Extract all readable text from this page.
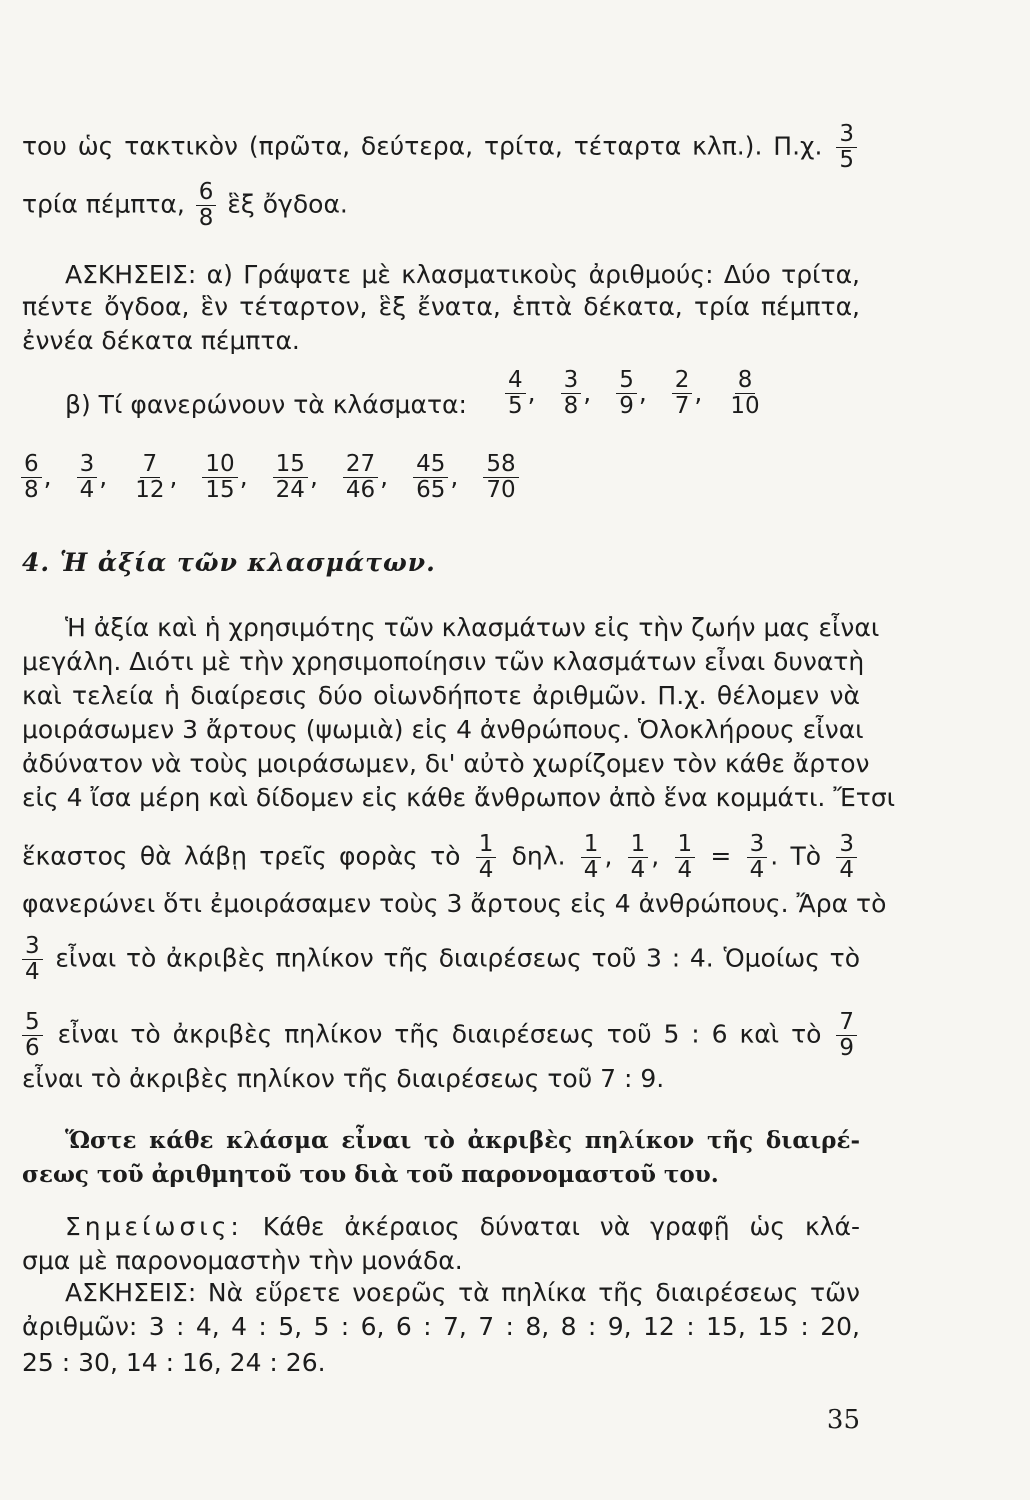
του ὡς τακτικὸν (πρῶτα, δεύτερα, τρίτα, τέταρτα κλπ.). Π.χ. $\frac{3}{5}$
τρία πέμπτα, $\frac{6}{8}$ ἓξ ὄγδοα.
ΑΣΚΗΣΕΙΣ: α) Γράψατε μὲ κλασματικοὺς ἀριθμούς: Δύο τρίτα,
πέντε ὄγδοα, ἓν τέταρτον, ἓξ ἔνατα, ἑπτὰ δέκατα, τρία πέμπτα,
ἐννέα δέκατα πέμπτα.
β) Τί φανερώνουν τὰ κλάσματα:	$\frac{4}{5}$ , $\frac{3}{8}$ , $\frac{5}{9}$ , $\frac{2}{7}$ , $\frac{8}{10}$
$\frac{6}{8}$ , $\frac{3}{4}$ , $\frac{7}{12}$ , $\frac{10}{15}$ , $\frac{15}{24}$ , $\frac{27}{46}$ , $\frac{45}{65}$ , $\frac{58}{70}$
4. Ἡ ἀξία τῶν κλασμάτων.
Ἡ ἀξία καὶ ἡ χρησιμότης τῶν κλασμάτων εἰς τὴν ζωήν μας εἶναι
μεγάλη. Διότι μὲ τὴν χρησιμοποίησιν τῶν κλασμάτων εἶναι δυνατὴ
καὶ τελεία ἡ διαίρεσις δύο οἱωνδήποτε ἀριθμῶν. Π.χ. θέλομεν νὰ
μοιράσωμεν 3 ἄρτους (ψωμιὰ) εἰς 4 ἀνθρώπους. Ὁλοκλήρους εἶναι
ἀδύνατον νὰ τοὺς μοιράσωμεν, δι' αὐτὸ χωρίζομεν τὸν κάθε ἄρτον
εἰς 4 ἴσα μέρη καὶ δίδομεν εἰς κάθε ἄνθρωπον ἀπὸ ἕνα κομμάτι. Ἔτσι
ἕκαστος θὰ λάβῃ τρεῖς φορὰς τὸ $\frac{1}{4} \delta\eta\lambda$. $\frac{1}{4}$ , $\frac{1}{4}$ , $\frac{1}{4} = \frac{3}{4}$ . Τὸ $\frac{3}{4}$
φανερώνει ὅτι ἐμοιράσαμεν τοὺς 3 ἄρτους εἰς 4 ἀνθρώπους. Ἄρα τὸ
$\frac{3}{4}$ εἶναι τὸ ἀκριβὲς πηλίκον τῆς διαιρέσεως τοῦ 3 : 4. Ὁμοίως τὸ
$\frac{5}{6}$ εἶναι τὸ ἀκριβὲς πηλίκον τῆς διαιρέσεως τοῦ 5 : 6 καὶ τὸ $\frac{7}{9}$
εἶναι τὸ ἀκριβὲς πηλίκον τῆς διαιρέσεως τοῦ 7 : 9.
Ὥστε κάθε κλάσμα εἶναι τὸ ἀκριβὲς πηλίκον τῆς διαιρέ-
σεως τοῦ ἀριθμητοῦ του διὰ τοῦ παρονομαστοῦ του.
Σημείωσις: Κάθε ἀκέραιος δύναται νὰ γραφῇ ὡς κλά-
σμα μὲ παρονομαστὴν τὴν μονάδα.
ΑΣΚΗΣΕΙΣ: Νὰ εὕρετε νοερῶς τὰ πηλίκα τῆς διαιρέσεως τῶν
ἀριθμῶν: 3 : 4, 4 : 5, 5 : 6, 6 : 7, 7 : 8, 8 : 9, 12 : 15, 15 : 20,
25 : 30, 14 : 16, 24 : 26.
35
